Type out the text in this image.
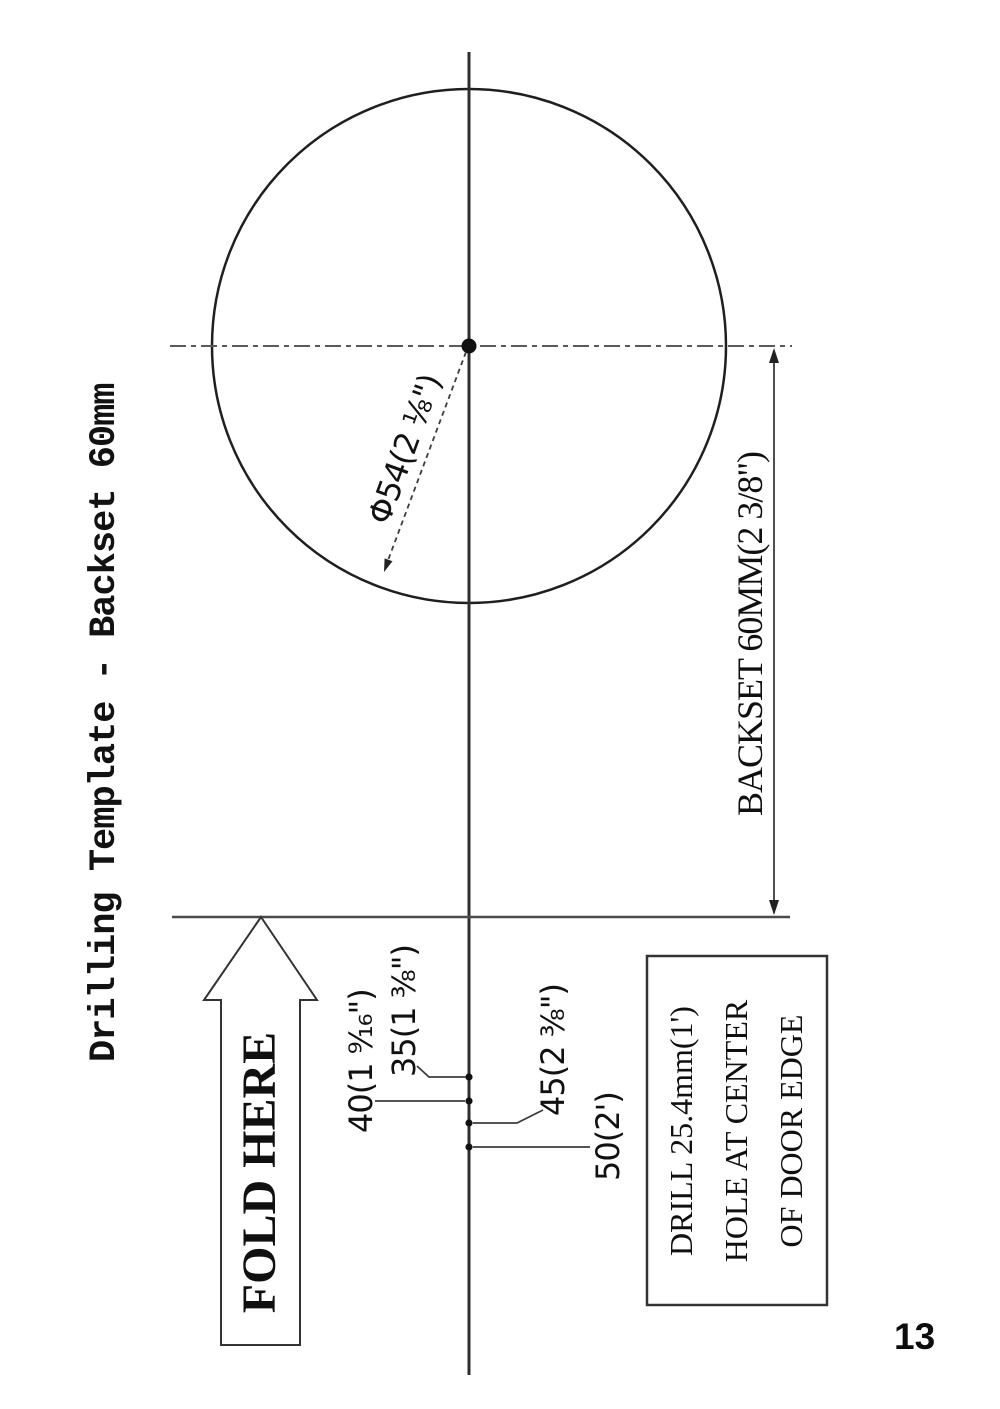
Drilling Template - Backset 60mm	Φ54(2 ¹⁄₈")
BACKSET 60MM(2 3/8")
40(1 ⁹⁄₁₆") 35(1 ³⁄₈")	45(2 ³⁄₈")
50(2')
FOLD HERE	DRILL 25.4mm(1') HOLE AT CENTER OF DOOR EDGE
13
